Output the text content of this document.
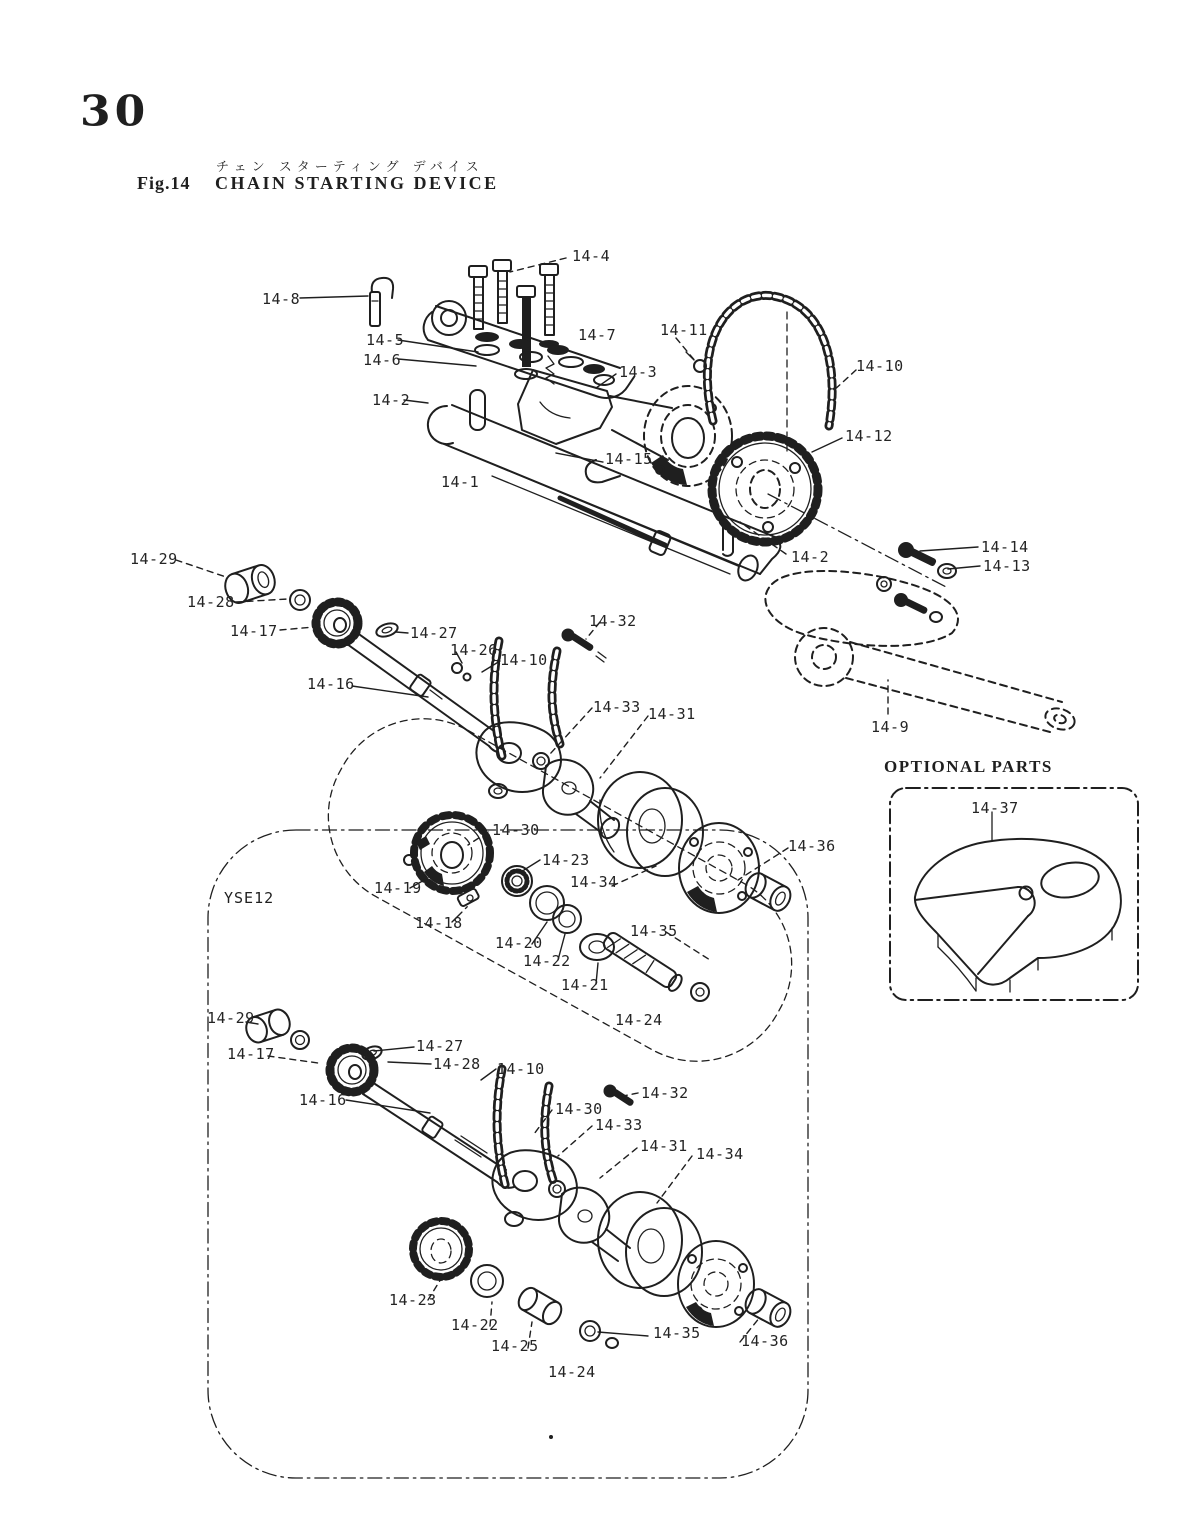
30
チェン スターティング デバイス
Fig.14 CHAIN STARTING DEVICE
OPTIONAL PARTS
YSE12
14-4
14-8
14-5
14-6
14-7	14-11
14-3	14-10
14-2
14-12
14-15
14-1
14-2
14-14
14-13
14-29
14-28
14-17	14-27
14-26
14-10
14-32
14-16
14-33 14-31
14-9
14-37
14-30
14-23
14-34
14-19
14-36
14-18	14-35
14-20
14-22
14-21
14-24
14-29
14-17	14-27
14-28 14-10
14-16	14-32
14-30
14-33
14-31 14-34
14-23
14-22
14-25
14-24
14-35	14-36
